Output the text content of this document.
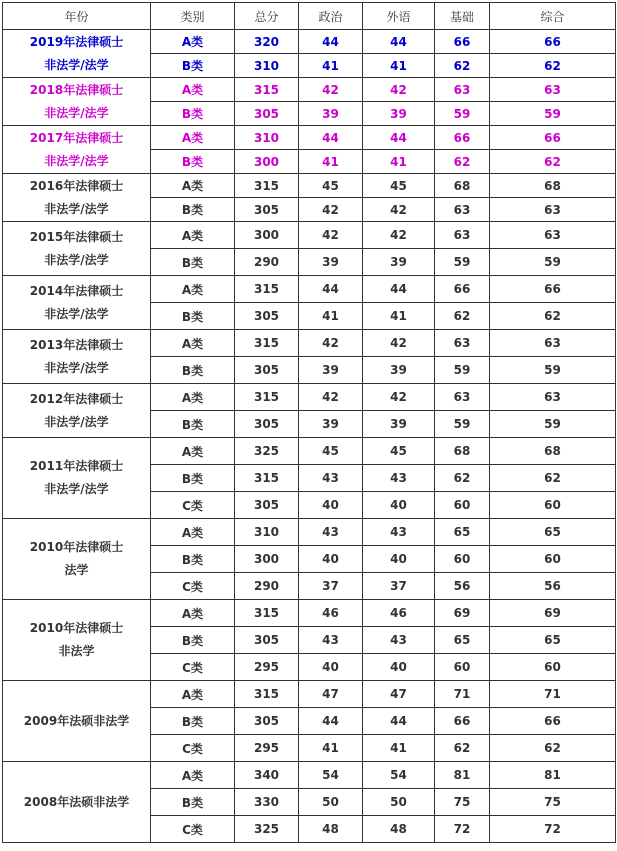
年份	类别	总分	政治	外语	基础	综合

2019年法律硕士
非法学/法学	A类	320	44	44	66	66
	B类	310	41	41	62	62

2018年法律硕士
非法学/法学	A类	315	42	42	63	63
	B类	305	39	39	59	59

2017年法律硕士
非法学/法学	A类	310	44	44	66	66
	B类	300	41	41	62	62

2016年法律硕士
非法学/法学	A类	315	45	45	68	68
	B类	305	42	42	63	63

2015年法律硕士
非法学/法学	A类	300	42	42	63	63
	B类	290	39	39	59	59

2014年法律硕士
非法学/法学	A类	315	44	44	66	66
	B类	305	41	41	62	62

2013年法律硕士
非法学/法学	A类	315	42	42	63	63
	B类	305	39	39	59	59

2012年法律硕士
非法学/法学	A类	315	42	42	63	63
	B类	305	39	39	59	59

2011年法律硕士
非法学/法学	A类	325	45	45	68	68
	B类	315	43	43	62	62
	C类	305	40	40	60	60

2010年法律硕士
法学	A类	310	43	43	65	65
	B类	300	40	40	60	60
	C类	290	37	37	56	56

2010年法律硕士
非法学	A类	315	46	46	69	69
	B类	305	43	43	65	65
	C类	295	40	40	60	60

2009年法硕非法学	A类	315	47	47	71	71
	B类	305	44	44	66	66
	C类	295	41	41	62	62

2008年法硕非法学	A类	340	54	54	81	81
	B类	330	50	50	75	75
	C类	325	48	48	72	72
